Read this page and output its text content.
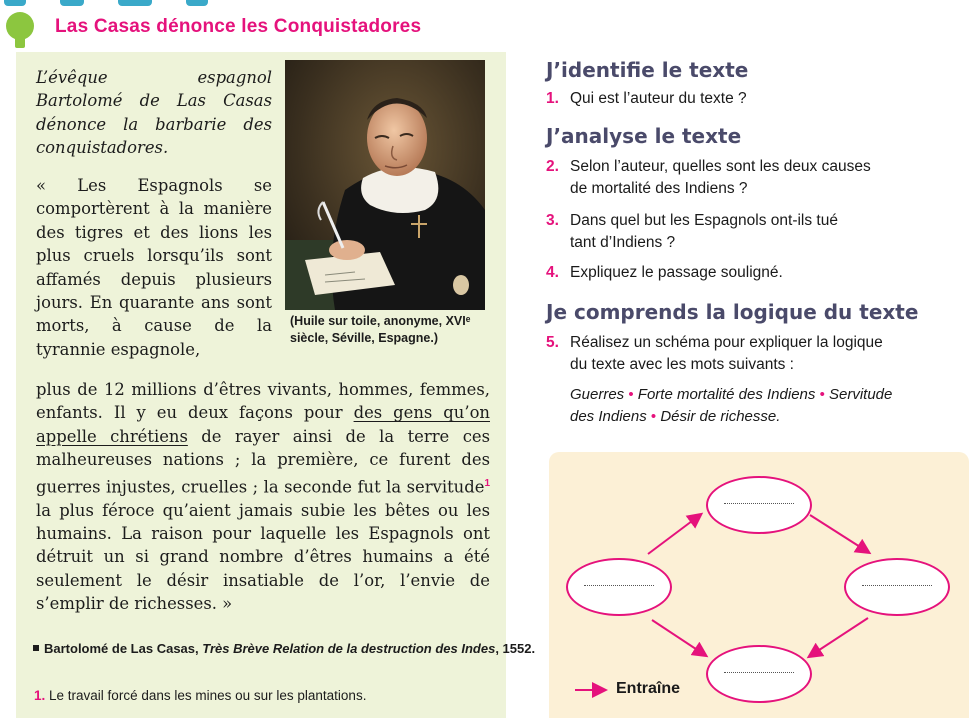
Las Casas dénonce les Conquistadores
L’évêque espagnol Bartolomé de Las Casas dénonce la barbarie des conquistadores.
« Les Espagnols se comportèrent à la manière des tigres et des lions les plus cruels lorsqu’ils sont affamés depuis plusieurs jours. En quarante ans sont morts, à cause de la tyrannie espagnole,
plus de 12 millions d’êtres vivants, hommes, femmes, enfants. Il y eu deux façons pour des gens qu’on appelle chrétiens de rayer ainsi de la terre ces malheureuses nations ; la première, ce furent des guerres injustes, cruelles ; la seconde fut la servitude$^1$ la plus féroce qu’aient jamais subie les bêtes ou les humains. La raison pour laquelle les Espagnols ont détruit un si grand nombre d’êtres humains a été seulement le désir insatiable de l’or, l’envie de s’emplir de richesses. »
(Huile sur toile, anonyme, XVIᵉ siècle, Séville, Espagne.)
Bartolomé de Las Casas, Très Brève Relation de la destruction des Indes, 1552.
1. Le travail forcé dans les mines ou sur les plantations.
J’identifie le texte
1. Qui est l’auteur du texte ?
J’analyse le texte
2. Selon l’auteur, quelles sont les deux causes
de mortalité des Indiens ?
3. Dans quel but les Espagnols ont-ils tué
tant d’Indiens ?
4. Expliquez le passage souligné.
Je comprends la logique du texte
5. Réalisez un schéma pour expliquer la logique
du texte avec les mots suivants :
Guerres • Forte mortalité des Indiens • Servitude
des Indiens • Désir de richesse.
Entraîne
